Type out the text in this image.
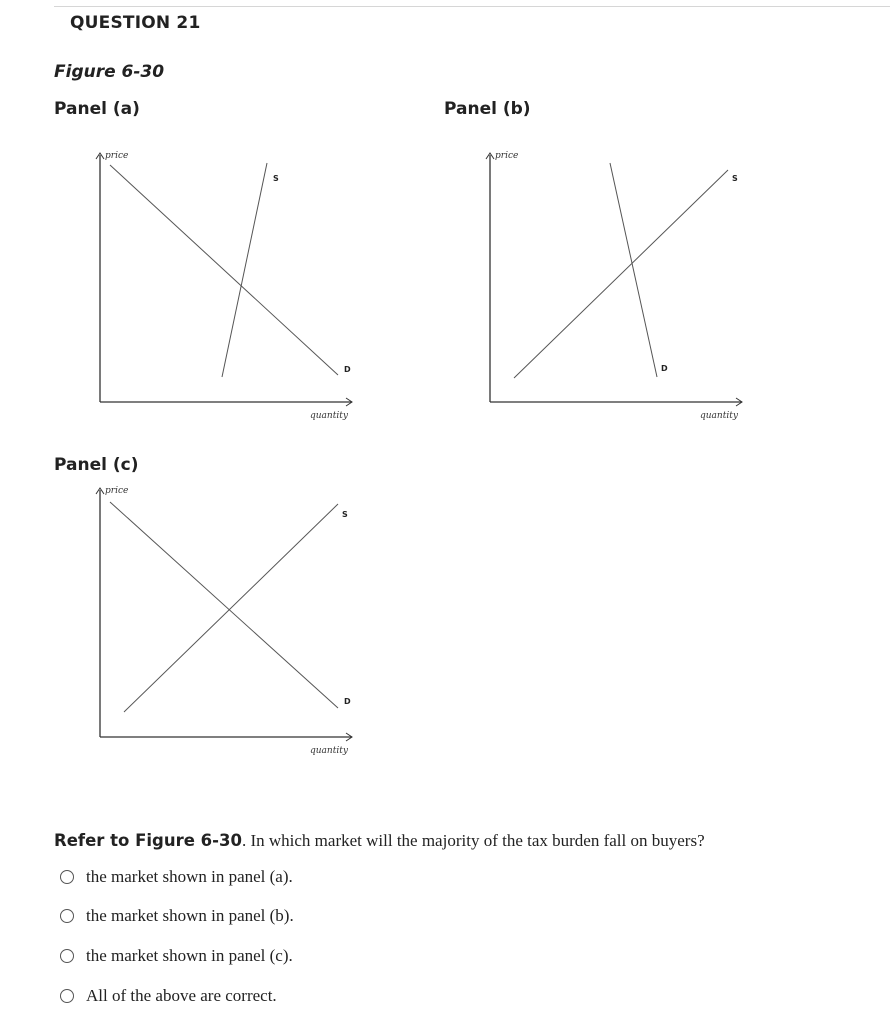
QUESTION 21
Figure 6-30
Panel (a)
price
quantity
S
D
Panel (b)
price
quantity
S
D
Panel (c)
price
quantity
S
D
Refer to Figure 6-30. In which market will the majority of the tax burden fall on buyers?
the market shown in panel (a).
the market shown in panel (b).
the market shown in panel (c).
All of the above are correct.
